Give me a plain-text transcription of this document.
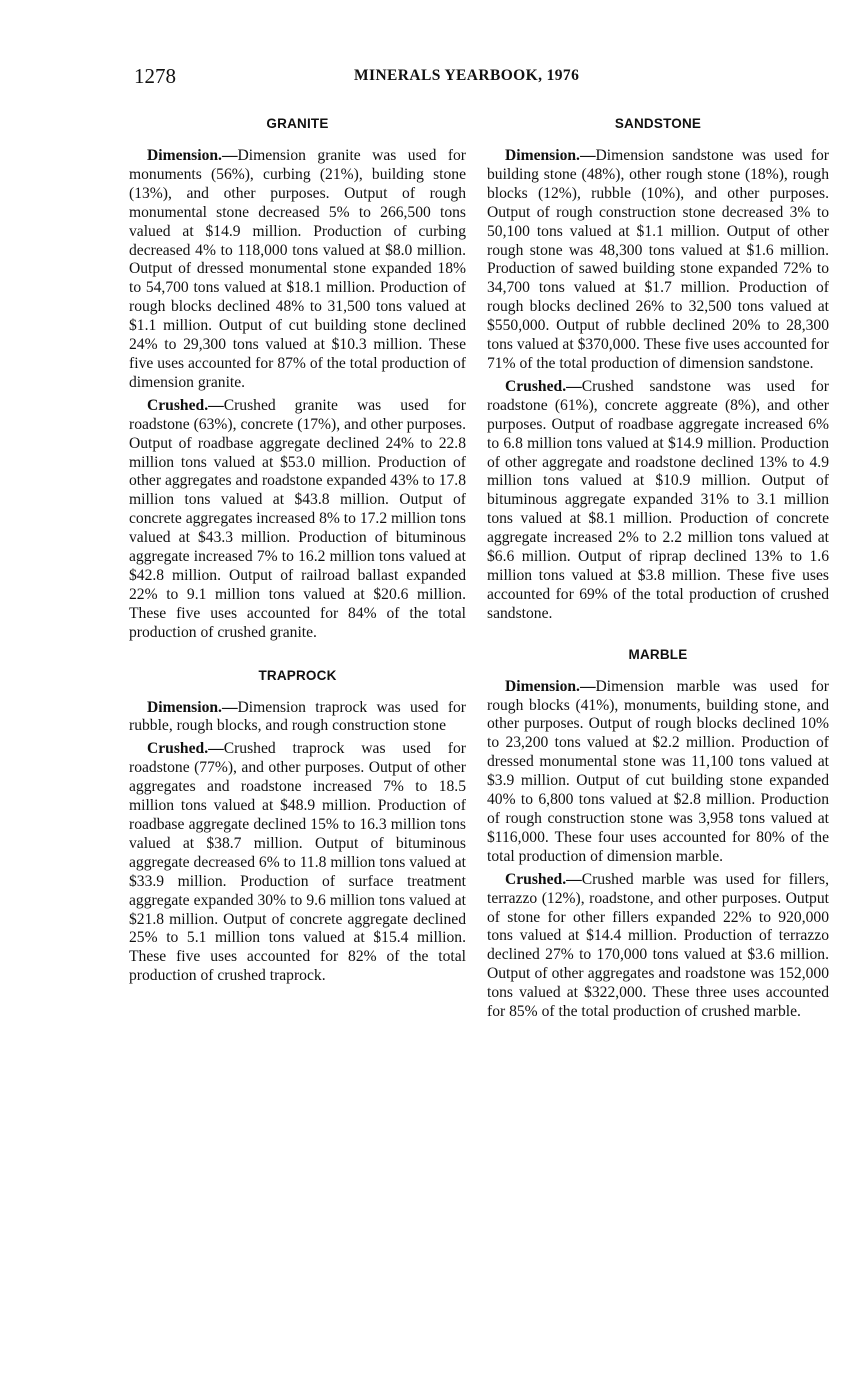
1278	MINERALS YEARBOOK, 1976
GRANITE

Dimension.—Dimension granite was used for monuments (56%), curbing (21%), building stone (13%), and other purposes. Output of rough monumental stone decreased 5% to 266,500 tons valued at $14.9 million. Production of curbing decreased 4% to 118,000 tons valued at $8.0 million. Output of dressed monumental stone expanded 18% to 54,700 tons valued at $18.1 million. Production of rough blocks declined 48% to 31,500 tons valued at $1.1 million. Output of cut building stone declined 24% to 29,300 tons valued at $10.3 million. These five uses accounted for 87% of the total production of dimension granite.

Crushed.—Crushed granite was used for roadstone (63%), concrete (17%), and other purposes. Output of roadbase aggregate declined 24% to 22.8 million tons valued at $53.0 million. Production of other aggregates and roadstone expanded 43% to 17.8 million tons valued at $43.8 million. Output of concrete aggregates increased 8% to 17.2 million tons valued at $43.3 million. Production of bituminous aggregate increased 7% to 16.2 million tons valued at $42.8 million. Output of railroad ballast expanded 22% to 9.1 million tons valued at $20.6 million. These five uses accounted for 84% of the total production of crushed granite.

TRAPROCK

Dimension.—Dimension traprock was used for rubble, rough blocks, and rough construction stone

Crushed.—Crushed traprock was used for roadstone (77%), and other purposes. Output of other aggregates and roadstone increased 7% to 18.5 million tons valued at $48.9 million. Production of roadbase aggregate declined 15% to 16.3 million tons valued at $38.7 million. Output of bituminous aggregate decreased 6% to 11.8 million tons valued at $33.9 million. Production of surface treatment aggregate expanded 30% to 9.6 million tons valued at $21.8 million. Output of concrete aggregate declined 25% to 5.1 million tons valued at $15.4 million. These five uses accounted for 82% of the total production of crushed traprock.

SANDSTONE

Dimension.—Dimension sandstone was used for building stone (48%), other rough stone (18%), rough blocks (12%), rubble (10%), and other purposes. Output of rough construction stone decreased 3% to 50,100 tons valued at $1.1 million. Output of other rough stone was 48,300 tons valued at $1.6 million. Production of sawed building stone expanded 72% to 34,700 tons valued at $1.7 million. Production of rough blocks declined 26% to 32,500 tons valued at $550,000. Output of rubble declined 20% to 28,300 tons valued at $370,000. These five uses accounted for 71% of the total production of dimension sandstone.

Crushed.—Crushed sandstone was used for roadstone (61%), concrete aggreate (8%), and other purposes. Output of roadbase aggregate increased 6% to 6.8 million tons valued at $14.9 million. Production of other aggregate and roadstone declined 13% to 4.9 million tons valued at $10.9 million. Output of bituminous aggregate expanded 31% to 3.1 million tons valued at $8.1 million. Production of concrete aggregate increased 2% to 2.2 million tons valued at $6.6 million. Output of riprap declined 13% to 1.6 million tons valued at $3.8 million. These five uses accounted for 69% of the total production of crushed sandstone.

MARBLE

Dimension.—Dimension marble was used for rough blocks (41%), monuments, building stone, and other purposes. Output of rough blocks declined 10% to 23,200 tons valued at $2.2 million. Production of dressed monumental stone was 11,100 tons valued at $3.9 million. Output of cut building stone expanded 40% to 6,800 tons valued at $2.8 million. Production of rough construction stone was 3,958 tons valued at $116,000. These four uses accounted for 80% of the total production of dimension marble.

Crushed.—Crushed marble was used for fillers, terrazzo (12%), roadstone, and other purposes. Output of stone for other fillers expanded 22% to 920,000 tons valued at $14.4 million. Production of terrazzo declined 27% to 170,000 tons valued at $3.6 million. Output of other aggregates and roadstone was 152,000 tons valued at $322,000. These three uses accounted for 85% of the total production of crushed marble.
